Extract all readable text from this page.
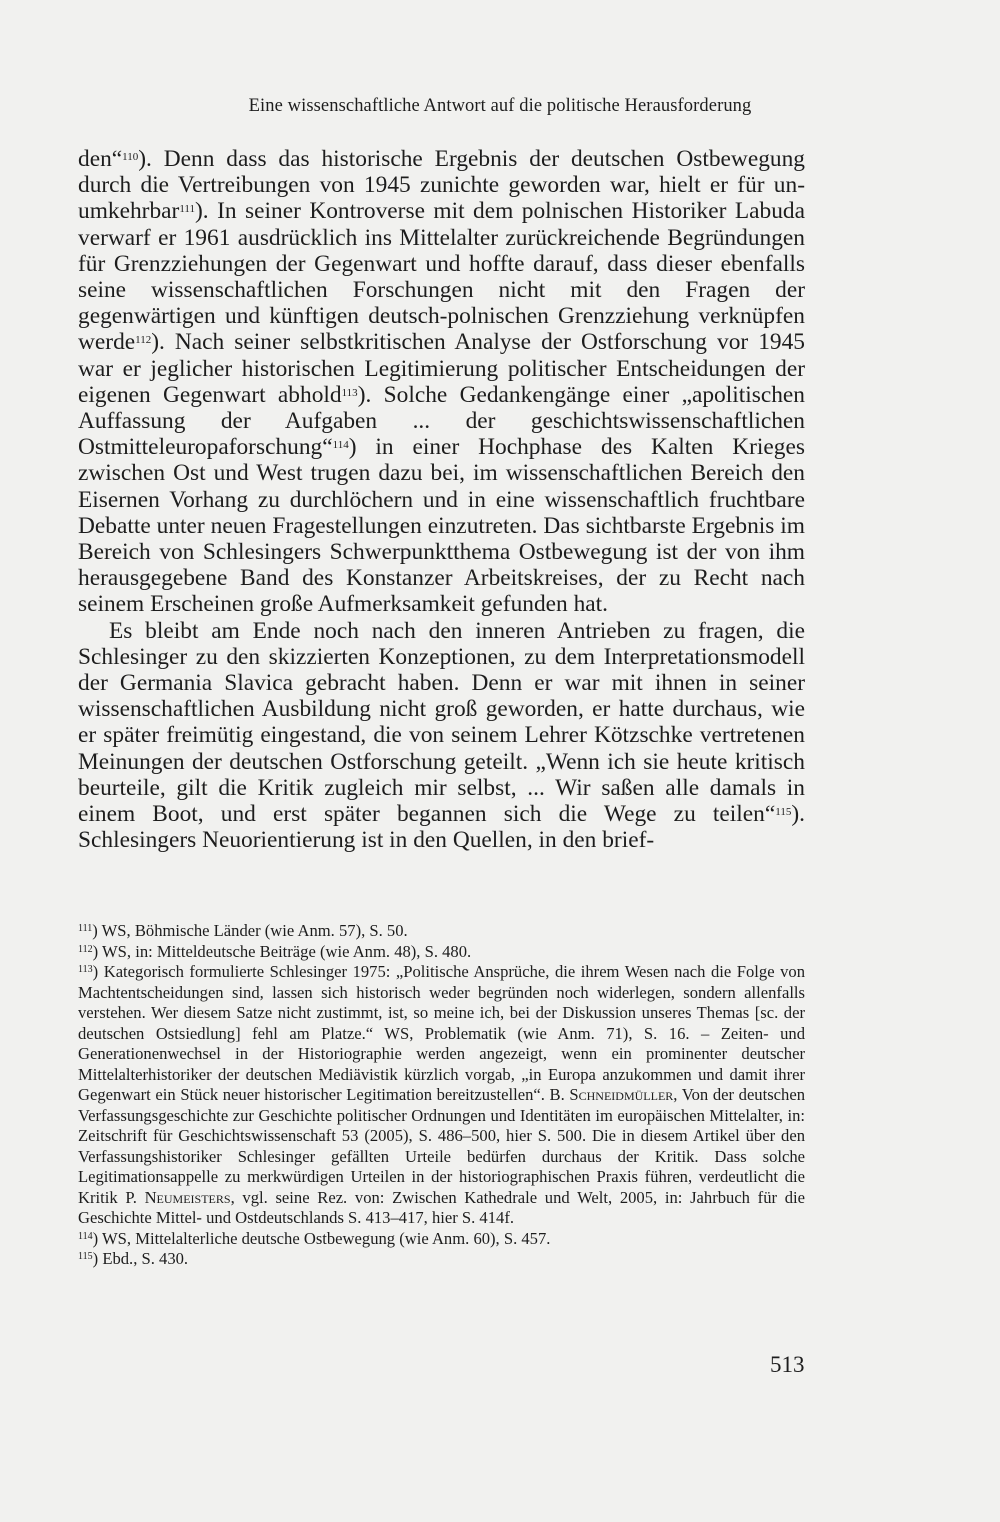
Eine wissenschaftliche Antwort auf die politische Herausforderung

den“$^{110}$). Denn dass das historische Ergebnis der deutschen Ostbewegung durch die Vertreibungen von 1945 zunichte geworden war, hielt er für unumkehrbar$^{111}$). In seiner Kontroverse mit dem polnischen Historiker Labuda verwarf er 1961 ausdrücklich ins Mittelalter zurückreichende Begründungen für Grenzziehungen der Gegenwart und hoffte darauf, dass dieser ebenfalls seine wissenschaftlichen Forschungen nicht mit den Fragen der gegenwärtigen und künftigen deutsch-polnischen Grenzziehung verknüpfen werde$^{112}$). Nach seiner selbstkritischen Analyse der Ostforschung vor 1945 war er jeglicher historischen Legitimierung politischer Entscheidungen der eigenen Gegenwart abhold$^{113}$). Solche Gedankengänge einer „apolitischen Auffassung der Aufgaben ... der geschichtswissenschaftlichen Ostmitteleuropaforschung“$^{114}$) in einer Hochphase des Kalten Krieges zwischen Ost und West trugen dazu bei, im wissenschaftlichen Bereich den Eisernen Vorhang zu durchlöchern und in eine wissenschaftlich fruchtbare Debatte unter neuen Fragestellungen einzutreten. Das sichtbarste Ergebnis im Bereich von Schlesingers Schwerpunktthema Ostbewegung ist der von ihm herausgegebene Band des Konstanzer Arbeitskreises, der zu Recht nach seinem Erscheinen große Aufmerksamkeit gefunden hat.

Es bleibt am Ende noch nach den inneren Antrieben zu fragen, die Schlesinger zu den skizzierten Konzeptionen, zu dem Interpretationsmodell der Germania Slavica gebracht haben. Denn er war mit ihnen in seiner wissenschaftlichen Ausbildung nicht groß geworden, er hatte durchaus, wie er später freimütig eingestand, die von seinem Lehrer Kötzschke vertretenen Meinungen der deutschen Ostforschung geteilt. „Wenn ich sie heute kritisch beurteile, gilt die Kritik zugleich mir selbst, ... Wir saßen alle damals in einem Boot, und erst später begannen sich die Wege zu teilen“$^{115}$). Schlesingers Neuorientierung ist in den Quellen, in den brief-

$^{111}$) WS, Böhmische Länder (wie Anm. 57), S. 50.

$^{112}$) WS, in: Mitteldeutsche Beiträge (wie Anm. 48), S. 480.

$^{113}$) Kategorisch formulierte Schlesinger 1975: „Politische Ansprüche, die ihrem Wesen nach die Folge von Machtentscheidungen sind, lassen sich historisch weder begründen noch widerlegen, sondern allenfalls verstehen. Wer diesem Satze nicht zustimmt, ist, so meine ich, bei der Diskussion unseres Themas [sc. der deutschen Ostsiedlung] fehl am Platze.“ WS, Problematik (wie Anm. 71), S. 16. – Zeiten- und Generationenwechsel in der Historiographie werden angezeigt, wenn ein prominenter deutscher Mittelalterhistoriker der deutschen Mediävistik kürzlich vorgab, „in Europa anzukommen und damit ihrer Gegenwart ein Stück neuer historischer Legitimation bereitzustellen“. B. Schneidmüller, Von der deutschen Verfassungsgeschichte zur Geschichte politischer Ordnungen und Identitäten im europäischen Mittelalter, in: Zeitschrift für Geschichtswissenschaft 53 (2005), S. 486–500, hier S. 500. Die in diesem Artikel über den Verfassungshistoriker Schlesinger gefällten Urteile bedürfen durchaus der Kritik. Dass solche Legitimationsappelle zu merkwürdigen Urteilen in der historiographischen Praxis führen, verdeutlicht die Kritik P. Neumeisters, vgl. seine Rez. von: Zwischen Kathedrale und Welt, 2005, in: Jahrbuch für die Geschichte Mittel- und Ostdeutschlands S. 413–417, hier S. 414f.

$^{114}$) WS, Mittelalterliche deutsche Ostbewegung (wie Anm. 60), S. 457.

$^{115}$) Ebd., S. 430.

513
